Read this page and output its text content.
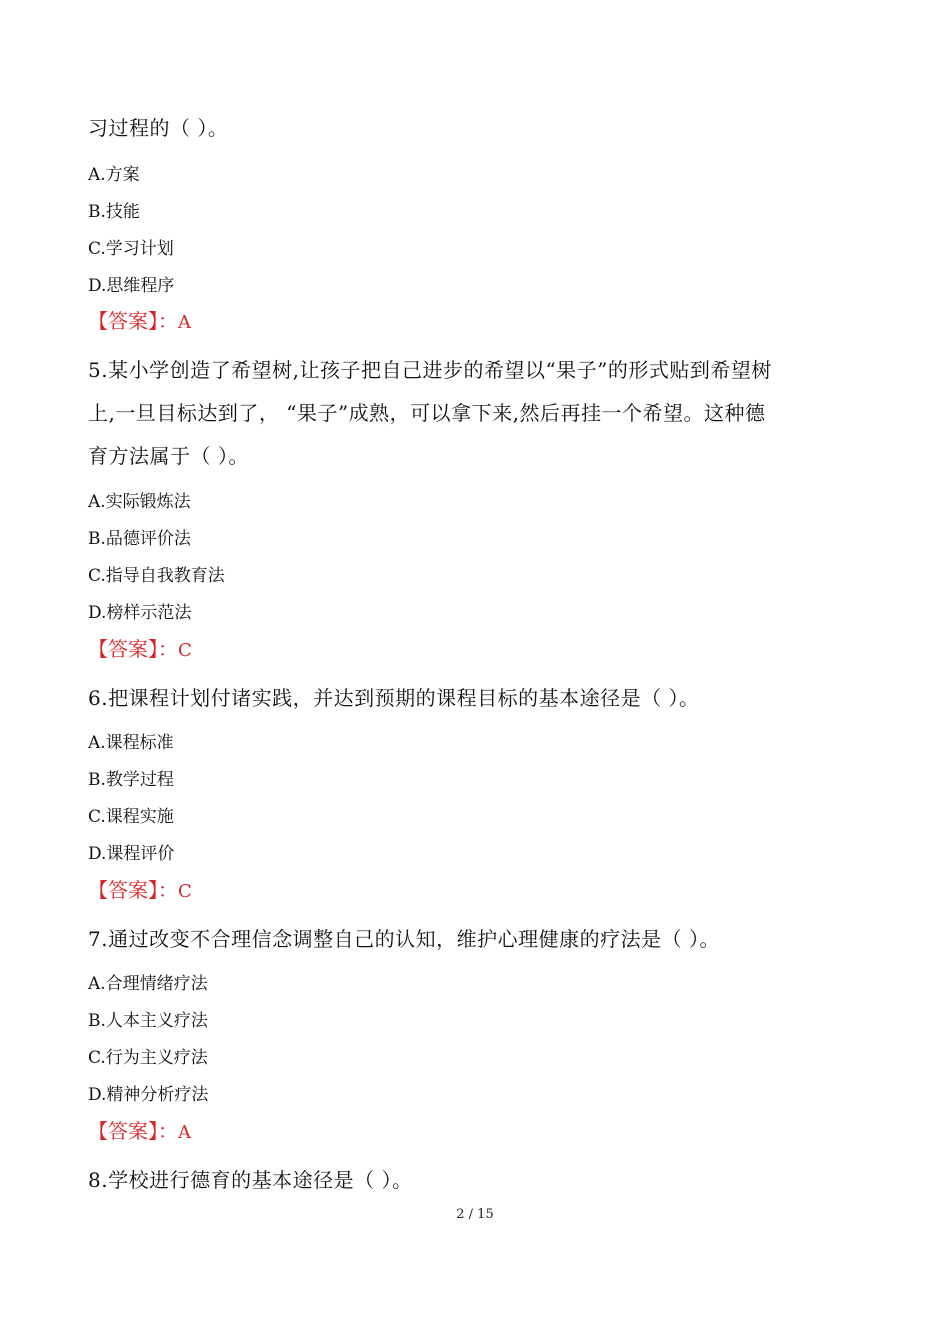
习过程的（ ）。
A.方案
B.技能
C.学习计划
D.思维程序
【答案】：A
5.某小学创造了希望树,让孩子把自己进步的希望以“果子”的形式贴到希望树
上,一旦目标达到了， “果子”成熟，可以拿下来,然后再挂一个希望。这种德
育方法属于（ ）。
A.实际锻炼法
B.品德评价法
C.指导自我教育法
D.榜样示范法
【答案】：C
6.把课程计划付诸实践，并达到预期的课程目标的基本途径是（ ）。
A.课程标准
B.教学过程
C.课程实施
D.课程评价
【答案】：C
7.通过改变不合理信念调整自己的认知，维护心理健康的疗法是（ ）。
A.合理情绪疗法
B.人本主义疗法
C.行为主义疗法
D.精神分析疗法
【答案】：A
8.学校进行德育的基本途径是（ ）。
2 / 15
